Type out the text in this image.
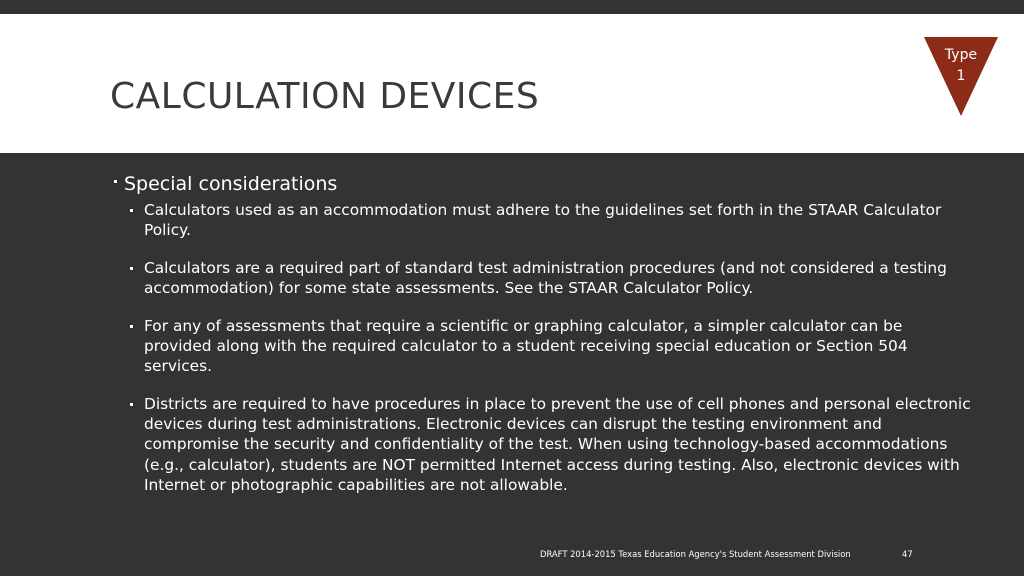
CALCULATION DEVICES
Type
1
Special considerations
Calculators used as an accommodation must adhere to the guidelines set forth in the STAAR Calculator Policy.
Calculators are a required part of standard test administration procedures (and not considered a testing accommodation) for some state assessments. See the STAAR Calculator Policy.
For any of assessments that require a scientific or graphing calculator, a simpler calculator can be provided along with the required calculator to a student receiving special education or Section 504 services.
Districts are required to have procedures in place to prevent the use of cell phones and personal electronic devices during test administrations. Electronic devices can disrupt the testing environment and compromise the security and confidentiality of the test. When using technology-based accommodations (e.g., calculator), students are NOT permitted Internet access during testing. Also, electronic devices with Internet or photographic capabilities are not allowable.
DRAFT 2014-2015 Texas Education Agency's Student Assessment Division	47
